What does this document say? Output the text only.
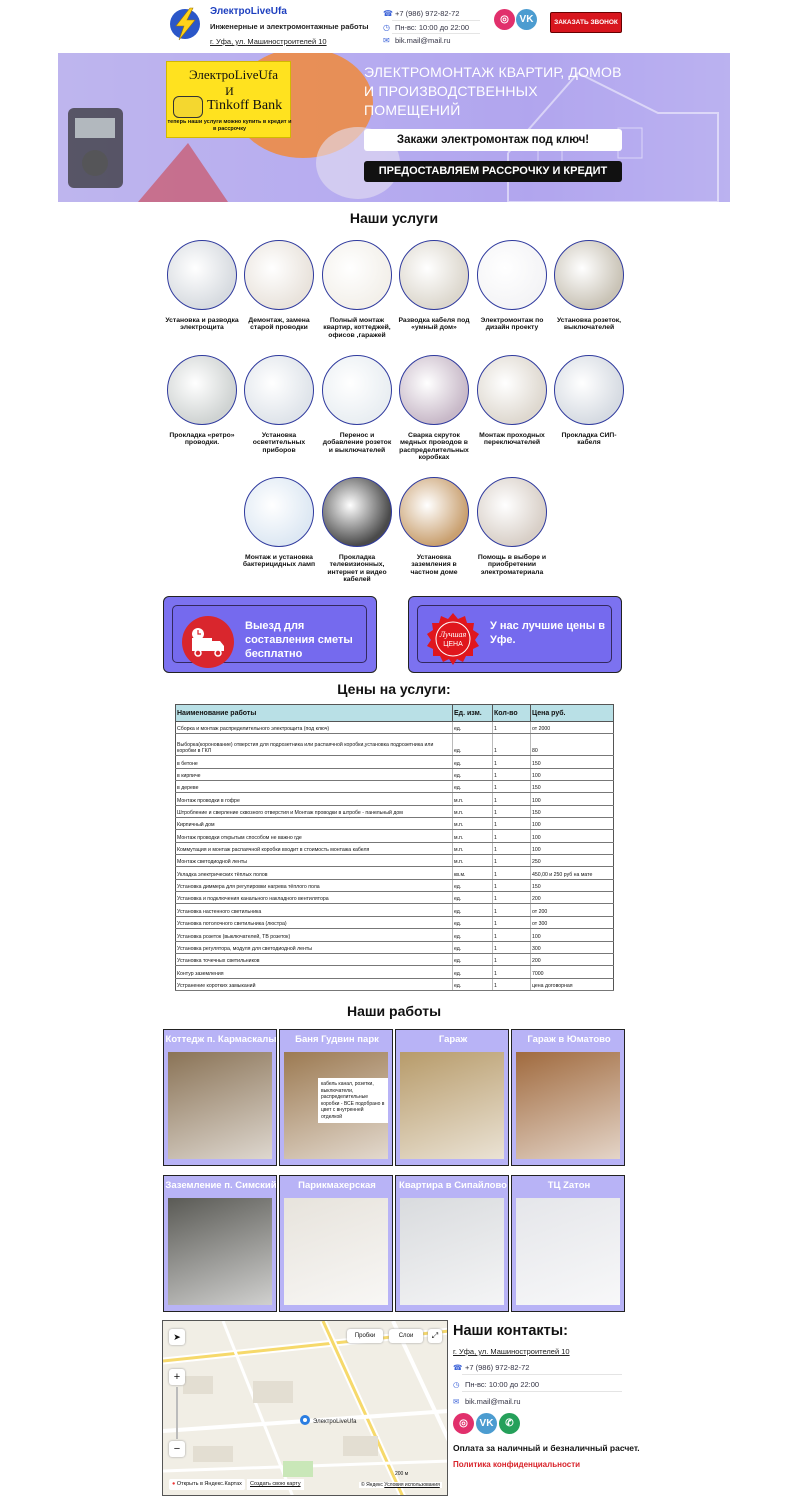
ЭлектроLiveUfa
Инженерные и электромонтажные работы
г. Уфа, ул. Машиностроителей 10
☎ +7 (986) 972-82-72
◷ Пн-вс: 10:00 до 22:00
✉ bik.mail@mail.ru
◎	VK	ЗАКАЗАТЬ ЗВОНОК
ЭлектроLiveUfa
И
Tinkoff Bank
теперь наши услуги можно купить в кредит и в рассрочку
ЭЛЕКТРОМОНТАЖ КВАРТИР, ДОМОВ И ПРОИЗВОДСТВЕННЫХ ПОМЕЩЕНИЙ
Закажи электромонтаж под ключ!
ПРЕДОСТАВЛЯЕМ РАССРОЧКУ И КРЕДИТ
Наши услуги
Установка и разводка электрощита
Демонтаж, замена старой проводки
Полный монтаж квартир, коттеджей, офисов ,гаражей
Разводка кабеля под «умный дом»
Электромонтаж по дизайн проекту
Установка розеток, выключателей
Прокладка «ретро» проводки.
Установка осветительных приборов
Перенос и добавление розеток и выключателей
Сварка скруток медных проводов в распределительных коробках
Монтаж проходных переключателей
Прокладка СИП-кабеля
Монтаж и установка бактерицидных ламп
Прокладка телевизионных, интернет и видео кабелей
Установка заземления в частном доме
Помощь в выборе и приобретении электроматериала
Выезд для составления сметы бесплатно
Лучшая
ЦЕНА
У нас лучшие цены в Уфе.
Цены на услуги:
Наименование работы	Ед. изм.	Кол-во	Цена руб.
Сборка и монтаж распределительного электрощита (под ключ)	ед.	1	от 2000
Выборка(коронование) отверстия для подрозетника или распаячной коробки,установка подрозетника или коробки в ГКЛ	ед.	1	80
в бетоне	ед.	1	150
в кирпиче	ед.	1	100
в дереве	ед.	1	150
Монтаж проводки в гофре	м.п.	1	100
Штробление и сверление сквозного отверстия и Монтаж проводки в штробе - панельный дом	м.п.	1	150
Кирпичный дом	м.п.	1	100
Монтаж проводки открытым способом не важно где	м.п.	1	100
Коммутация и монтаж распаячной коробки входит в стоимость монтажа кабеля	м.п.	1	100
Монтаж светодиодной ленты	м.п.	1	250
Укладка электрических тёплых полов	кв.м.	1	450,00 и 250 руб на мате
Установка диммера для регулировки нагрева тёплого пола	ед.	1	150
Установка и подключения канального накладного вентилятора	ед.	1	200
Установка настенного светильника	ед.	1	от 200
Установка потолочного светильника (люстра)	ед.	1	от 300
Установка розеток (выключателей, ТВ розеток)	ед.	1	100
Установка регулятора, модуля для светодиодной ленты	ед.	1	300
Установка точечных светильников	ед.	1	200
Контур заземления	ед.	1	7000
Устранение коротких замыканий	ед.	1	цена договорная
Наши работы
Коттедж п. Кармаскалы	Баня Гудвин парк
кабель канал, розетки, выключатели, распределительные коробки - ВСЕ подобрано в цвет с внутренней отделкой
Гараж	Гараж в Юматово
Заземление п. Симский	Парикмахерская	Квартира в Сипайлово	ТЦ Zатон
ЭлектроLiveUfa
➤	Пробки	Слои	⤢
+
−
● Открыть в Яндекс.Картах	Создать свою карту
200 м
© Яндекс Условия использования
Наши контакты:
г. Уфа, ул. Машиностроителей 10
☎ +7 (986) 972-82-72
◷ Пн-вс: 10:00 до 22:00
✉ bik.mail@mail.ru
◎	VK	✆
Оплата за наличный и безналичный расчет.
Политика конфиденциальности
